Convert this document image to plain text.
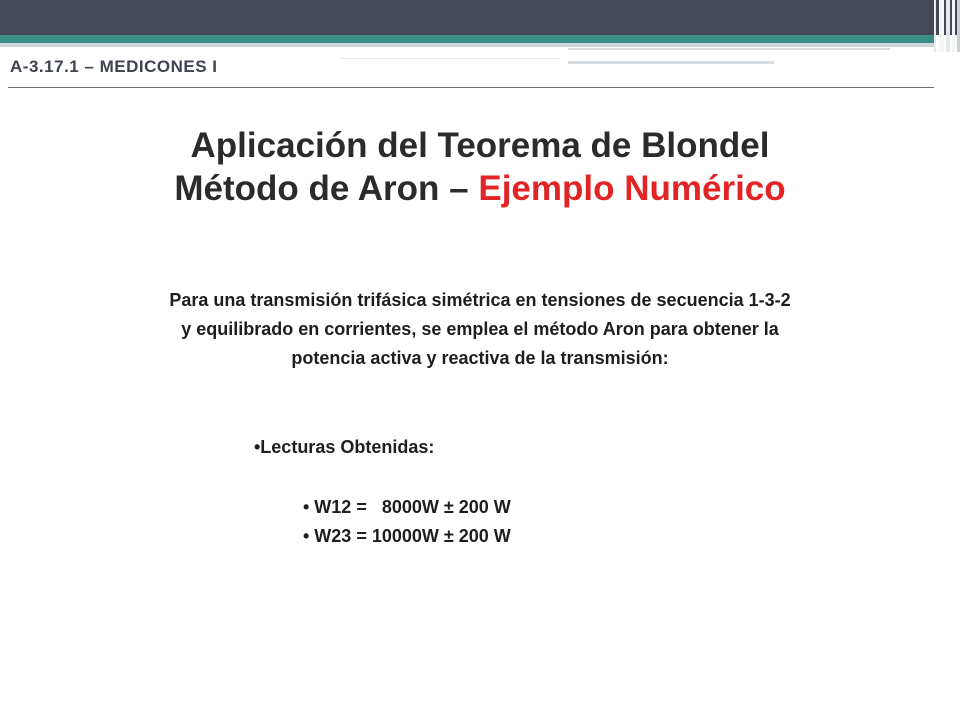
A-3.17.1 – MEDICONES I
Aplicación del Teorema de Blondel
Método de Aron – Ejemplo Numérico
Para una transmisión trifásica simétrica en tensiones de secuencia 1-3-2
y equilibrado en corrientes, se emplea el método Aron para obtener la
potencia activa y reactiva de la transmisión:
•Lecturas Obtenidas:
• W12 =   8000W ± 200 W
• W23 = 10000W ± 200 W
